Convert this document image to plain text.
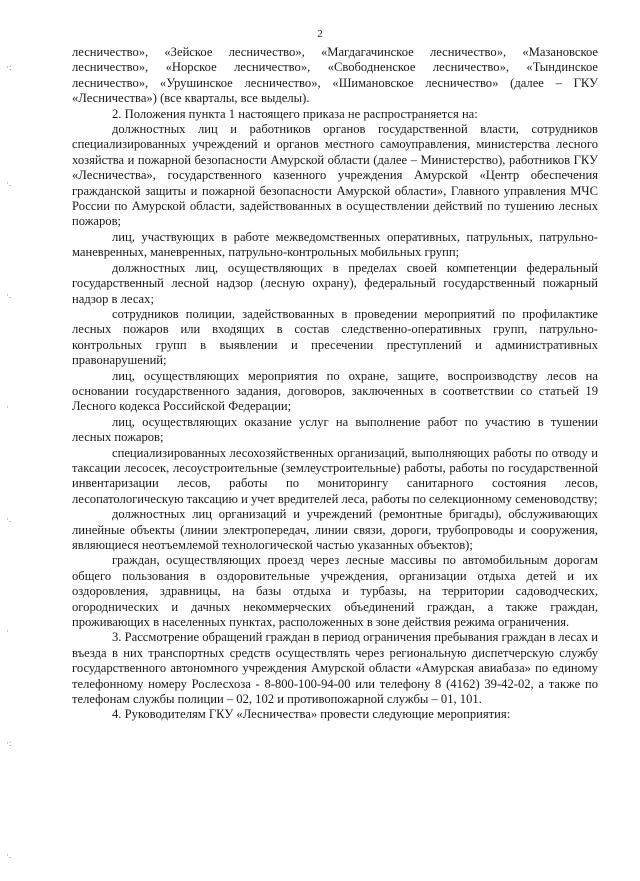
·:
·.
·.
·
·.
·
·:
·.
2

лесничество», «Зейское лесничество», «Магдагачинское лесничество», «Мазановское лесничество», «Норское лесничество», «Свободненское лесничество», «Тындинское лесничество», «Урушинское лесничество», «Шимановское лесничество» (далее – ГКУ «Лесничества») (все кварталы, все выделы).

2. Положения пункта 1 настоящего приказа не распространяется на:

должностных лиц и работников органов государственной власти, сотрудников специализированных учреждений и органов местного самоуправления, министерства лесного хозяйства и пожарной безопасности Амурской области (далее – Министерство), работников ГКУ «Лесничества», государственного казенного учреждения Амурской «Центр обеспечения гражданской защиты и пожарной безопасности Амурской области», Главного управления МЧС России по Амурской области, задействованных в осуществлении действий по тушению лесных пожаров;

лиц, участвующих в работе межведомственных оперативных, патрульных, патрульно-маневренных, маневренных, патрульно-контрольных мобильных групп;

должностных лиц, осуществляющих в пределах своей компетенции федеральный государственный лесной надзор (лесную охрану), федеральный государственный пожарный надзор в лесах;

сотрудников полиции, задействованных в проведении мероприятий по профилактике лесных пожаров или входящих в состав следственно-оперативных групп, патрульно-контрольных групп в выявлении и пресечении преступлений и административных правонарушений;

лиц, осуществляющих мероприятия по охране, защите, воспроизводству лесов на основании государственного задания, договоров, заключенных в соответствии со статьей 19 Лесного кодекса Российской Федерации;

лиц, осуществляющих оказание услуг на выполнение работ по участию в тушении лесных пожаров;

специализированных лесохозяйственных организаций, выполняющих работы по отводу и таксации лесосек, лесоустроительные (землеустроительные) работы, работы по государственной инвентаризации лесов, работы по мониторингу санитарного состояния лесов, лесопатологическую таксацию и учет вредителей леса, работы по селекционному семеноводству;

должностных лиц организаций и учреждений (ремонтные бригады), обслуживающих линейные объекты (линии электропередач, линии связи, дороги, трубопроводы и сооружения, являющиеся неотъемлемой технологической частью указанных объектов);

граждан, осуществляющих проезд через лесные массивы по автомобильным дорогам общего пользования в оздоровительные учреждения, организации отдыха детей и их оздоровления, здравницы, на базы отдыха и турбазы, на территории садоводческих, огороднических и дачных некоммерческих объединений граждан, а также граждан, проживающих в населенных пунктах, расположенных в зоне действия режима ограничения.

3. Рассмотрение обращений граждан в период ограничения пребывания граждан в лесах и въезда в них транспортных средств осуществлять через региональную диспетчерскую службу государственного автономного учреждения Амурской области «Амурская авиабаза» по единому телефонному номеру Рослесхоза - 8-800-100-94-00 или телефону 8 (4162) 39-42-02, а также по телефонам службы полиции – 02, 102 и противопожарной службы – 01, 101.

4. Руководителям ГКУ «Лесничества» провести следующие мероприятия:
